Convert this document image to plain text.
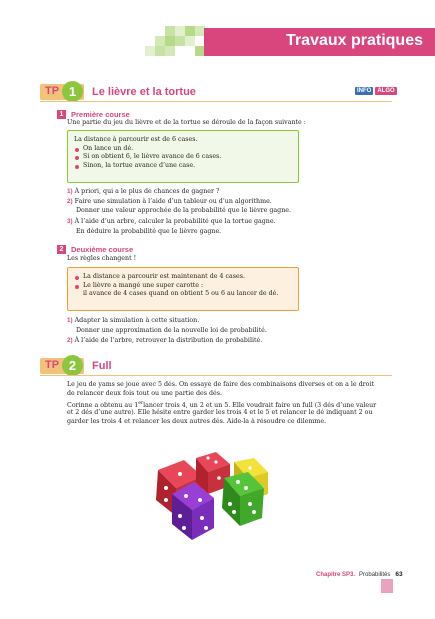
Travaux pratiques
TP 1	Le lièvre et la tortue	INFO	ALGO
1	Première course
Une partie du jeu du lièvre et de la tortue se déroule de la façon suivante :
La distance à parcourir est de 6 cases.
On lance un dé.
Si on obtient 6, le lièvre avance de 6 cases.
Sinon, la tortue avance d’une case.
1) À priori, qui a le plus de chances de gagner ?
2) Faire une simulation à l’aide d’un tableur ou d’un algorithme.
Donner une valeur approchée de la probabilité que le lièvre gagne.
3) À l’aide d’un arbre, calculer la probabilité que la tortue gagne.
En déduire la probabilité que le lièvre gagne.
2	Deuxième course
Les règles changent !
La distance a parcourir est maintenant de 4 cases.
Le lièvre a mangé une super carotte :
il avance de 4 cases quand on obtient 5 ou 6 au lancer de dé.
1) Adapter la simulation à cette situation.
Donner une approximation de la nouvelle loi de probabilité.
2) À l’aide de l’arbre, retrouver la distribution de probabilité.
TP 2	Full
Le jeu de yams se joue avec 5 dés. On essaye de faire des combinaisons diverses et on a le droit
de relancer deux fois tout ou une partie des dés.
Corinne a obtenu au 1erlancer trois 4, un 2 et un 5. Elle voudrait faire un full (3 dés d’une valeur
et 2 dés d’une autre). Elle hésite entre garder les trois 4 et le 5 et relancer le dé indiquant 2 ou
garder les trois 4 et relancer les deux autres dés. Aide-la à résoudre ce dilemme.
Chapitre SP3. Probabilités 63
